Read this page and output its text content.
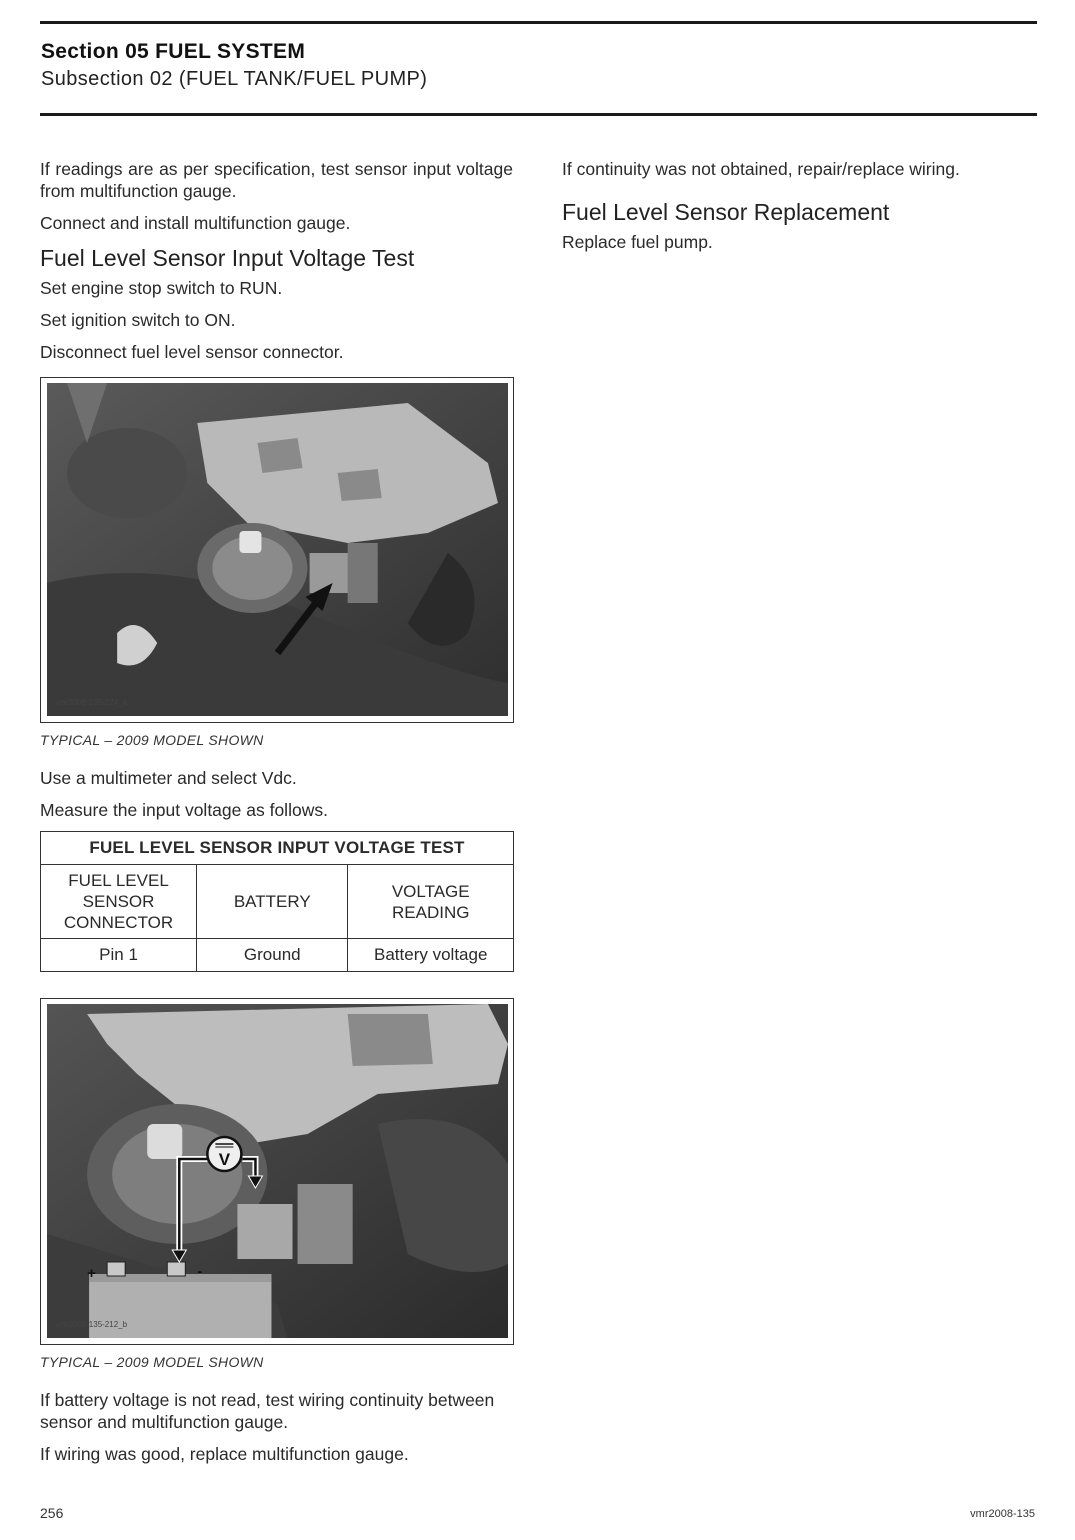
Section 05 FUEL SYSTEM
Subsection 02 (FUEL TANK/FUEL PUMP)

If readings are as per specification, test sensor input voltage from multifunction gauge.

Connect and install multifunction gauge.

Fuel Level Sensor Input Voltage Test

Set engine stop switch to RUN.

Set ignition switch to ON.

Disconnect fuel level sensor connector.

vmr2008-135-224_a
TYPICAL – 2009 MODEL SHOWN

Use a multimeter and select Vdc.

Measure the input voltage as follows.

FUEL LEVEL SENSOR INPUT VOLTAGE TEST		
FUEL LEVEL SENSOR CONNECTOR	BATTERY	VOLTAGE READING
Pin 1	Ground	Battery voltage
V
+	-
vmr2008-135-212_b
TYPICAL – 2009 MODEL SHOWN

If battery voltage is not read, test wiring continuity between sensor and multifunction gauge.

If wiring was good, replace multifunction gauge.

If continuity was not obtained, repair/replace wiring.

Fuel Level Sensor Replacement

Replace fuel pump.

256	vmr2008-135
